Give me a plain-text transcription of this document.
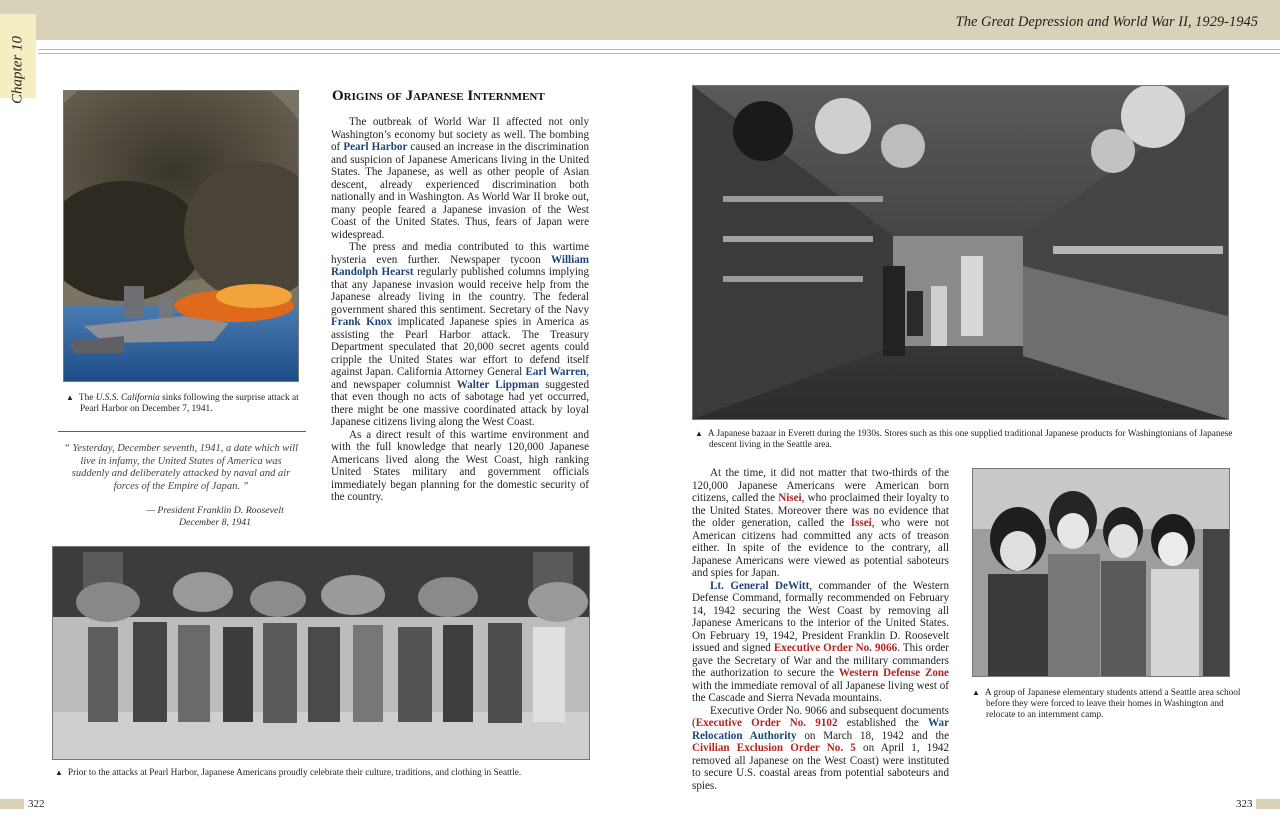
The Great Depression and World War II, 1929-1945
Chapter 10
▲ The U.S.S. California sinks following the surprise attack at Pearl Harbor on December 7, 1941.
“ Yesterday, December seventh, 1941, a date which will live in infamy, the United States of America was suddenly and deliberately attacked by naval and air forces of the Empire of Japan. ”
— President Franklin D. Roosevelt
December 8, 1941
Origins of Japanese Internment

The outbreak of World War II affected not only Washington’s economy but society as well. The bombing of Pearl Harbor caused an increase in the discrimination and suspicion of Japanese Americans living in the United States. The Japanese, as well as other people of Asian descent, already experienced discrimination both nationally and in Washington. As World War II broke out, many people feared a Japanese invasion of the West Coast of the United States. Thus, fears of Japan were widespread.

The press and media contributed to this wartime hysteria even further. Newspaper tycoon William Randolph Hearst regularly published columns implying that any Japanese invasion would receive help from the Japanese already living in the country. The federal government shared this sentiment. Secretary of the Navy Frank Knox implicated Japanese spies in America as assisting the Pearl Harbor attack. The Treasury Department speculated that 20,000 secret agents could cripple the United States war effort to defend itself against Japan. California Attorney General Earl Warren, and newspaper columnist Walter Lippman suggested that even though no acts of sabotage had yet occurred, there might be one massive coordinated attack by loyal Japanese citizens living along the West Coast.

As a direct result of this wartime environment and with the full knowledge that nearly 120,000 Japanese Americans lived along the West Coast, high ranking United States military and government officials immediately began planning for the domestic security of the country.

▲ A Japanese bazaar in Everett during the 1930s. Stores such as this one supplied traditional Japanese products for Washingtonians of Japanese descent living in the Seattle area.

At the time, it did not matter that two-thirds of the 120,000 Japanese Americans were American born citizens, called the Nisei, who proclaimed their loyalty to the United States. Moreover there was no evidence that the older generation, called the Issei, who were not American citizens had committed any acts of treason either. In spite of the evidence to the contrary, all Japanese Americans were viewed as potential saboteurs and spies for Japan.

Lt. General DeWitt, commander of the Western Defense Command, formally recommended on February 14, 1942 securing the West Coast by removing all Japanese Americans to the interior of the United States. On February 19, 1942, President Franklin D. Roosevelt issued and signed Executive Order No. 9066. This order gave the Secretary of War and the military commanders the authorization to secure the Western Defense Zone with the immediate removal of all Japanese living west of the Cascade and Sierra Nevada mountains.

Executive Order No. 9066 and subsequent documents (Executive Order No. 9102 established the War Relocation Authority on March 18, 1942 and the Civilian Exclusion Order No. 5 on April 1, 1942 removed all Japanese on the West Coast) were instituted to secure U.S. coastal areas from potential saboteurs and spies.

▲ A group of Japanese elementary students attend a Seattle area school before they were forced to leave their homes in Washington and relocate to an internment camp.
▲ Prior to the attacks at Pearl Harbor, Japanese Americans proudly celebrate their culture, traditions, and clothing in Seattle.
322	323
